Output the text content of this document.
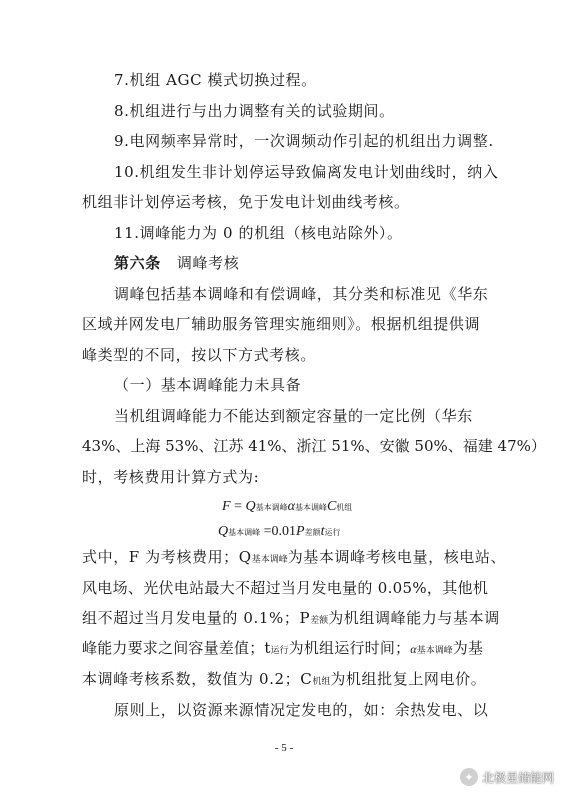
7.机组 AGC 模式切换过程。
8.机组进行与出力调整有关的试验期间。
9.电网频率异常时，一次调频动作引起的机组出力调整.
10.机组发生非计划停运导致偏离发电计划曲线时，纳入
机组非计划停运考核，免于发电计划曲线考核。
11.调峰能力为 0 的机组（核电站除外）。
第六条 调峰考核
调峰包括基本调峰和有偿调峰，其分类和标准见《华东
区域并网发电厂辅助服务管理实施细则》。根据机组提供调
峰类型的不同，按以下方式考核。
（一）基本调峰能力未具备
当机组调峰能力不能达到额定容量的一定比例（华东
43%、上海 53%、江苏 41%、浙江 51%、安徽 50%、福建 47%）
时，考核费用计算方式为:
F = Q基本调峰α基本调峰C机组
Q基本调峰 =0.01P差额t运行
式中，F 为考核费用；Q基本调峰为基本调峰考核电量，核电站、
风电场、光伏电站最大不超过当月发电量的 0.05%，其他机
组不超过当月发电量的 0.1%；P差额为机组调峰能力与基本调
峰能力要求之间容量差值；t运行为机组运行时间；α基本调峰为基
本调峰考核系数，数值为 0.2；C机组为机组批复上网电价。
原则上，以资源来源情况定发电的，如：余热发电、以
- 5 -
✦ 北极星储能网
